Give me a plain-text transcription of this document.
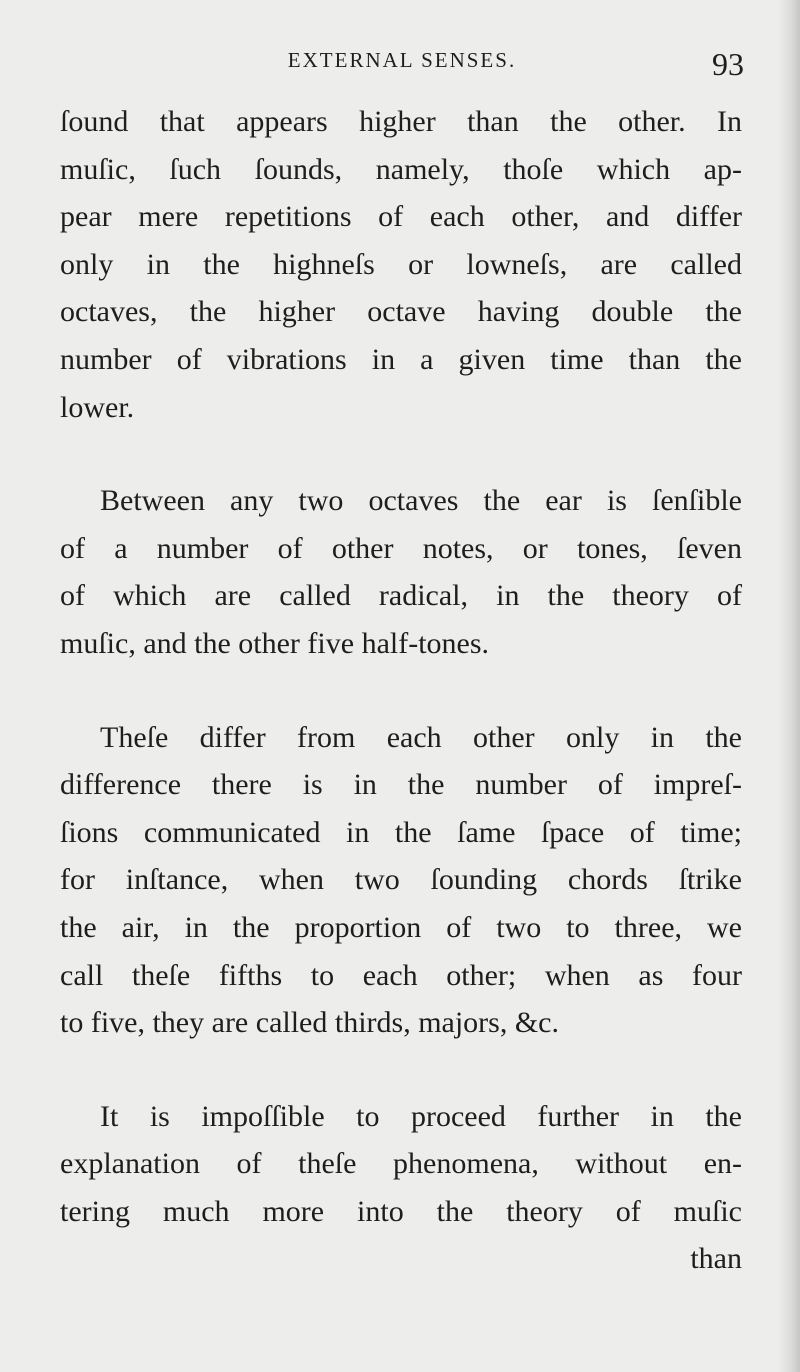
EXTERNAL SENSES.	93
ſound that appears higher than the other. In
muſic, ſuch ſounds, namely, thoſe which ap-
pear mere repetitions of each other, and differ
only in the highneſs or lowneſs, are called
octaves, the higher octave having double the
number of vibrations in a given time than the
lower.
Between any two octaves the ear is ſenſible
of a number of other notes, or tones, ſeven
of which are called radical, in the theory of
muſic, and the other five half-tones.
Theſe differ from each other only in the
difference there is in the number of impreſ-
ſions communicated in the ſame ſpace of time;
for inſtance, when two ſounding chords ſtrike
the air, in the proportion of two to three, we
call theſe fifths to each other; when as four
to five, they are called thirds, majors, &c.
It is impoſſible to proceed further in the
explanation of theſe phenomena, without en-
tering much more into the theory of muſic
than
